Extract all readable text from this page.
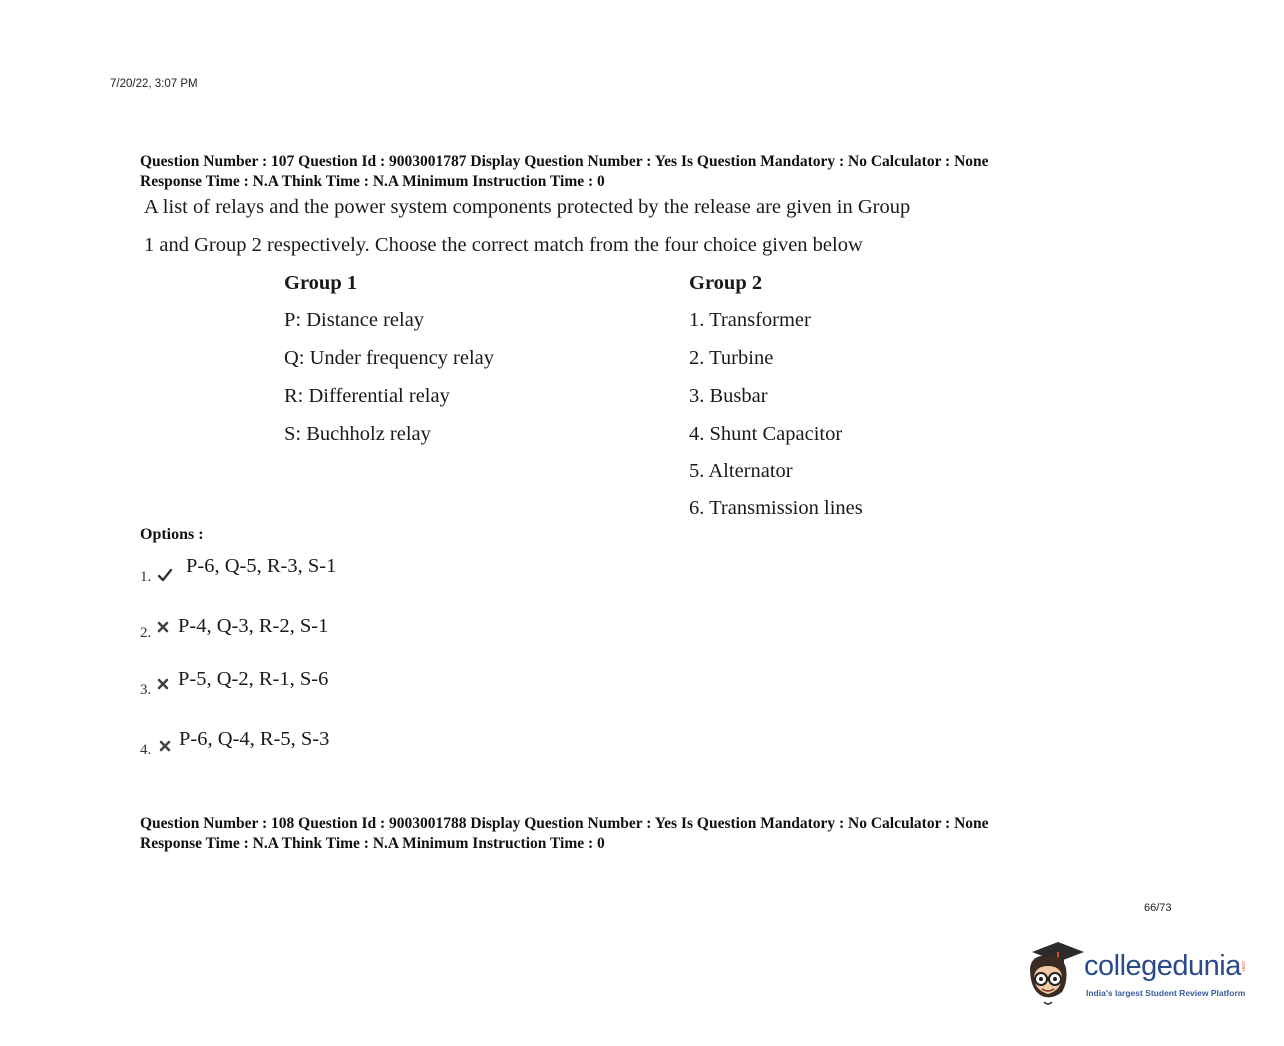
7/20/22, 3:07 PM
Question Number : 107 Question Id : 9003001787 Display Question Number : Yes Is Question Mandatory : No Calculator : None
Response Time : N.A Think Time : N.A Minimum Instruction Time : 0
A list of relays and the power system components protected by the release are given in Group
1 and Group 2 respectively. Choose the correct match from the four choice given below
Group 1
P: Distance relay
Q: Under frequency relay
R: Differential relay
S: Buchholz relay
Group 2
1. Transformer
2. Turbine
3. Busbar
4. Shunt Capacitor
5. Alternator
6. Transmission lines
Options :
1. P-6, Q-5, R-3, S-1
2. P-4, Q-3, R-2, S-1
3. P-5, Q-2, R-1, S-6
4. P-6, Q-4, R-5, S-3
Question Number : 108 Question Id : 9003001788 Display Question Number : Yes Is Question Mandatory : No Calculator : None
Response Time : N.A Think Time : N.A Minimum Instruction Time : 0
66/73
collegedunia .com
India's largest Student Review Platform
